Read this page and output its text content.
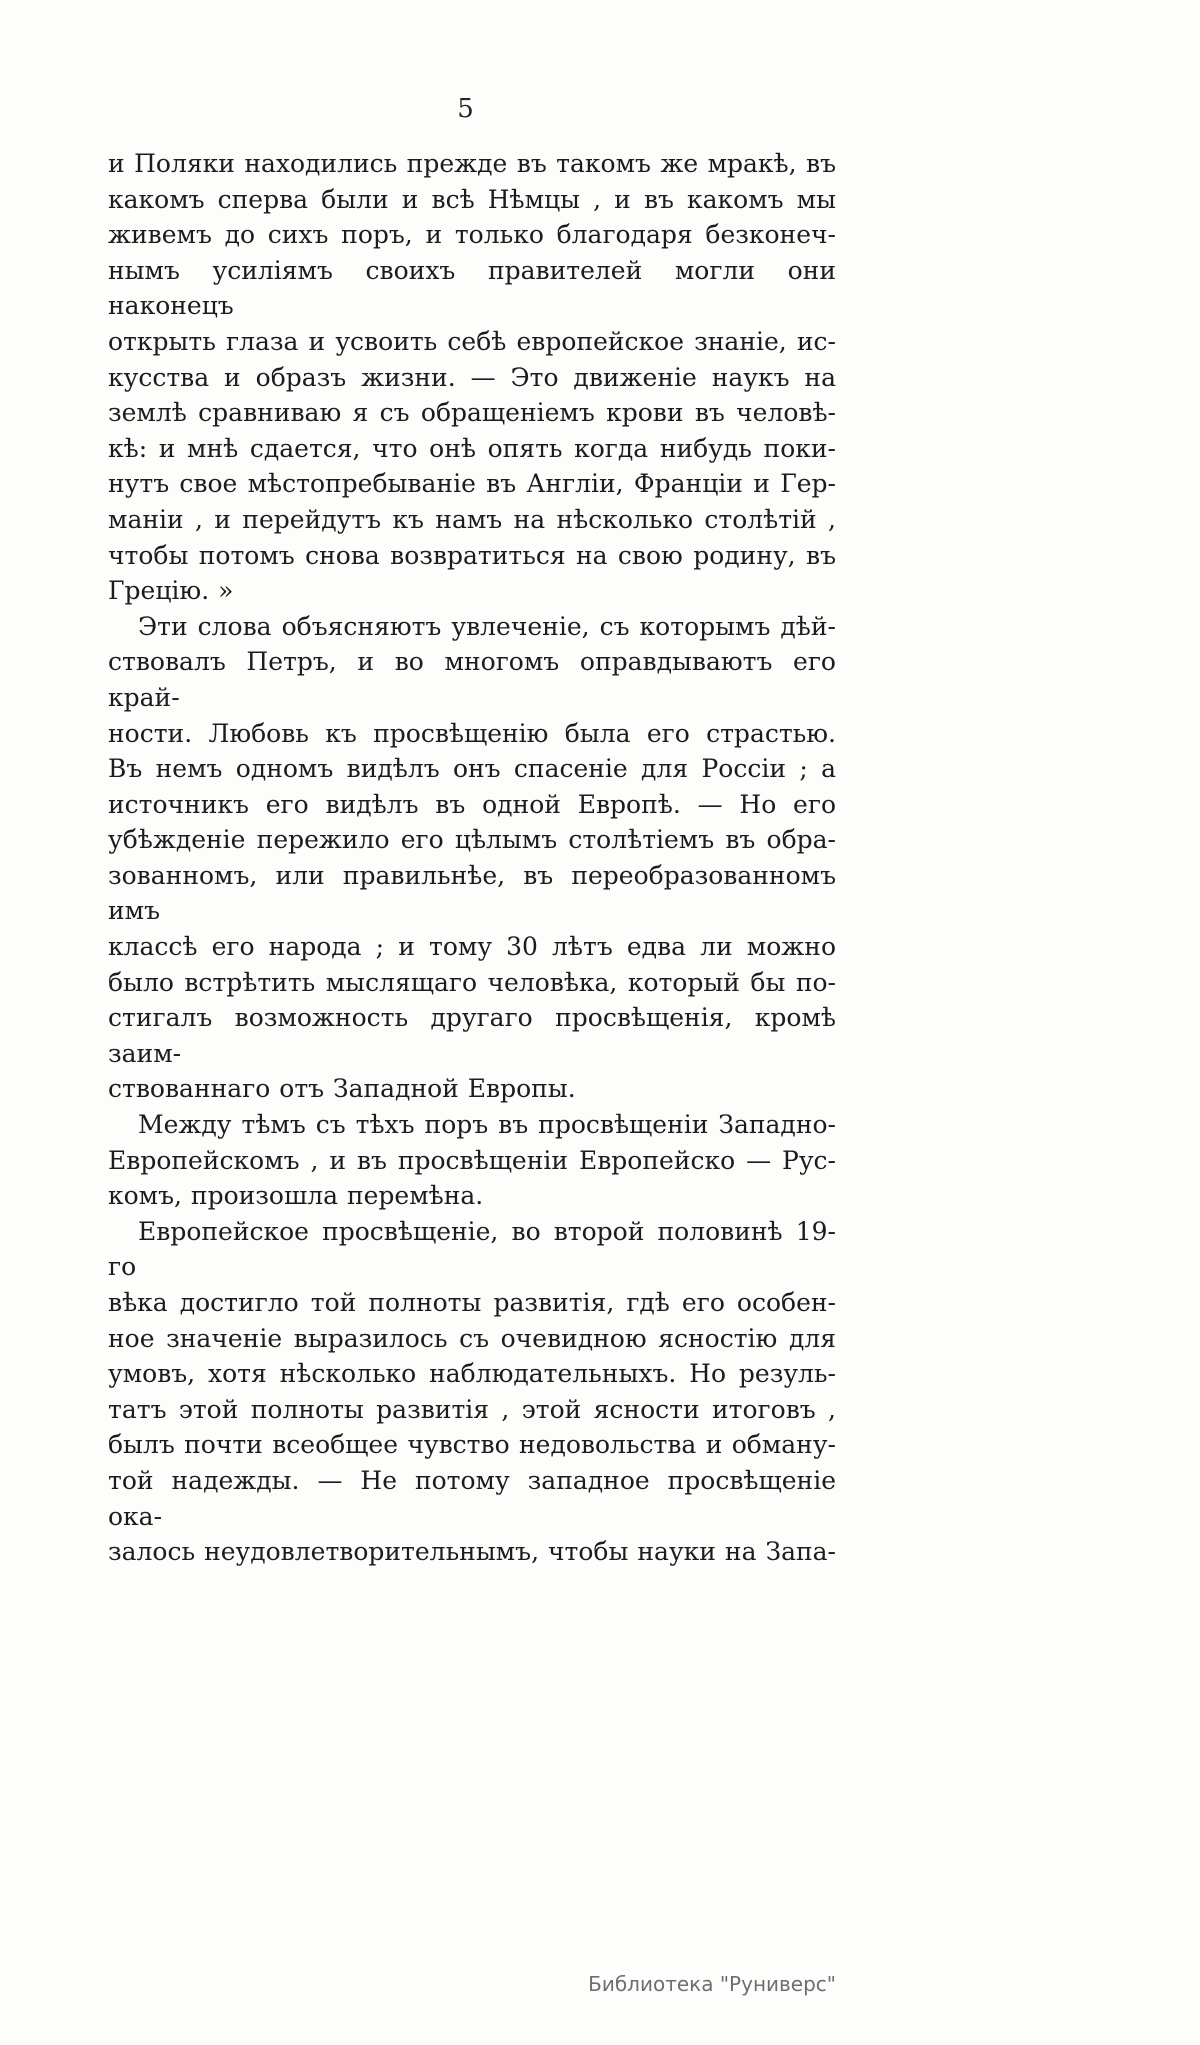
5
и Поляки находились прежде въ такомъ же мракѣ, въ
какомъ сперва были и всѣ Нѣмцы , и въ какомъ мы
живемъ до сихъ поръ, и только благодаря безконеч-
нымъ усиліямъ своихъ правителей могли они наконецъ
открыть глаза и усвоить себѣ европейское знаніе, ис-
кусства и образъ жизни. — Это движеніе наукъ на
землѣ сравниваю я съ обращеніемъ крови въ человѣ-
кѣ: и мнѣ сдается, что онѣ опять когда нибудь поки-
нутъ свое мѣстопребываніе въ Англіи, Франціи и Гер-
маніи , и перейдутъ къ намъ на нѣсколько столѣтій ,
чтобы потомъ снова возвратиться на свою родину, въ
Грецію. »
Эти слова объясняютъ увлеченіе, съ которымъ дѣй-
ствовалъ Петръ, и во многомъ оправдываютъ его край-
ности. Любовь къ просвѣщенію была его страстью.
Въ немъ одномъ видѣлъ онъ спасеніе для Россіи ; а
источникъ его видѣлъ въ одной Европѣ. — Но его
убѣжденіе пережило его цѣлымъ столѣтіемъ въ обра-
зованномъ, или правильнѣе, въ переобразованномъ имъ
классѣ его народа ; и тому 30 лѣтъ едва ли можно
было встрѣтить мыслящаго человѣка, который бы по-
стигалъ возможность другаго просвѣщенія, кромѣ заим-
ствованнаго отъ Западной Европы.
Между тѣмъ съ тѣхъ поръ въ просвѣщеніи Западно-
Европейскомъ , и въ просвѣщеніи Европейско — Рус-
комъ, произошла перемѣна.
Европейское просвѣщеніе, во второй половинѣ 19-го
вѣка достигло той полноты развитія, гдѣ его особен-
ное значеніе выразилось съ очевидною ясностію для
умовъ, хотя нѣсколько наблюдательныхъ. Но резуль-
татъ этой полноты развитія , этой ясности итоговъ ,
былъ почти всеобщее чувство недовольства и обману-
той надежды. — Не потому западное просвѣщеніе ока-
залось неудовлетворительнымъ, чтобы науки на Запа-
Библиотека "Руниверс"
